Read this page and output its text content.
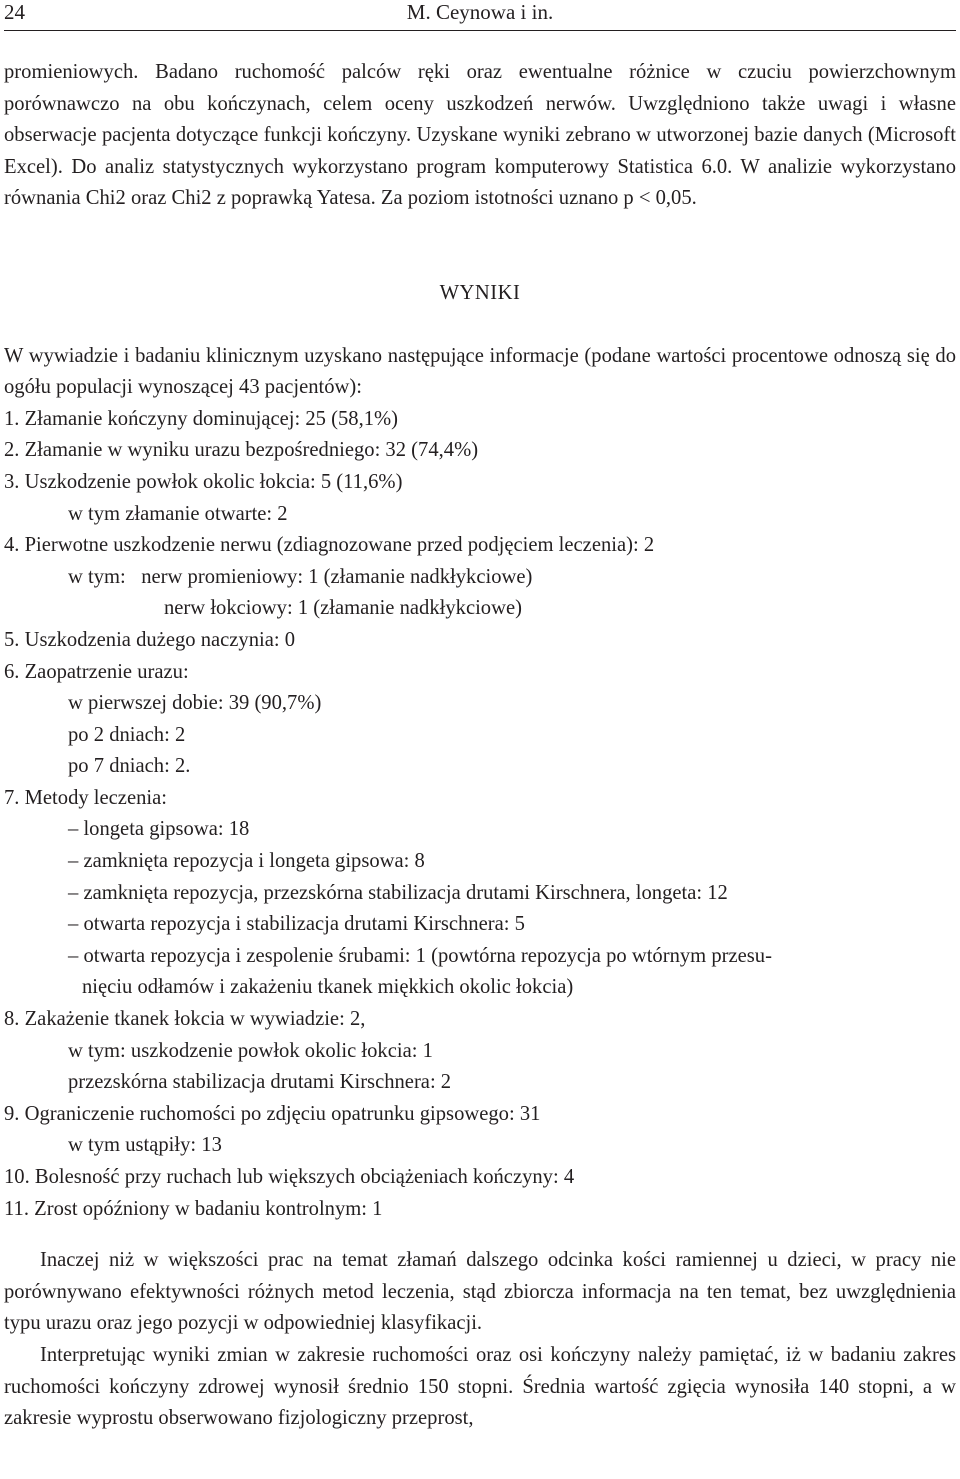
24	M. Ceynowa i in.

promieniowych. Badano ruchomość palców ręki oraz ewentualne różnice w czuciu powierzchownym porównawczo na obu kończynach, celem oceny uszkodzeń nerwów. Uwzględniono także uwagi i własne obserwacje pacjenta dotyczące funkcji kończyny. Uzyskane wyniki zebrano w utworzonej bazie danych (Microsoft Excel). Do analiz statystycznych wykorzystano program komputerowy Statistica 6.0. W analizie wykorzystano równania Chi2 oraz Chi2 z poprawką Yatesa. Za poziom istotności uznano p < 0,05.

WYNIKI

W wywiadzie i badaniu klinicznym uzyskano następujące informacje (podane wartości procentowe odnoszą się do ogółu populacji wynoszącej 43 pacjentów):

1. Złamanie kończyny dominującej: 25 (58,1%)

2. Złamanie w wyniku urazu bezpośredniego: 32 (74,4%)

3. Uszkodzenie powłok okolic łokcia: 5 (11,6%)

w tym złamanie otwarte: 2

4. Pierwotne uszkodzenie nerwu (zdiagnozowane przed podjęciem leczenia): 2

w tym:   nerw promieniowy: 1 (złamanie nadkłykciowe)

nerw łokciowy: 1 (złamanie nadkłykciowe)

5. Uszkodzenia dużego naczynia: 0

6. Zaopatrzenie urazu:

w pierwszej dobie: 39 (90,7%)

po 2 dniach: 2

po 7 dniach: 2.

7. Metody leczenia:

– longeta gipsowa: 18

– zamknięta repozycja i longeta gipsowa: 8

– zamknięta repozycja, przezskórna stabilizacja drutami Kirschnera, longeta: 12

– otwarta repozycja i stabilizacja drutami Kirschnera: 5

– otwarta repozycja i zespolenie śrubami: 1 (powtórna repozycja po wtórnym przesu-

nięciu odłamów i zakażeniu tkanek miękkich okolic łokcia)

8. Zakażenie tkanek łokcia w wywiadzie: 2,

w tym: uszkodzenie powłok okolic łokcia: 1

przezskórna stabilizacja drutami Kirschnera: 2

9. Ograniczenie ruchomości po zdjęciu opatrunku gipsowego: 31

w tym ustąpiły: 13

10. Bolesność przy ruchach lub większych obciążeniach kończyny: 4

11. Zrost opóźniony w badaniu kontrolnym: 1

Inaczej niż w większości prac na temat złamań dalszego odcinka kości ramiennej u dzieci, w pracy nie porównywano efektywności różnych metod leczenia, stąd zbiorcza informacja na ten temat, bez uwzględnienia typu urazu oraz jego pozycji w odpowiedniej klasyfikacji.

Interpretując wyniki zmian w zakresie ruchomości oraz osi kończyny należy pamiętać, iż w badaniu zakres ruchomości kończyny zdrowej wynosił średnio 150 stopni. Średnia wartość zgięcia wynosiła 140 stopni, a w zakresie wyprostu obserwowano fizjologiczny przeprost,
